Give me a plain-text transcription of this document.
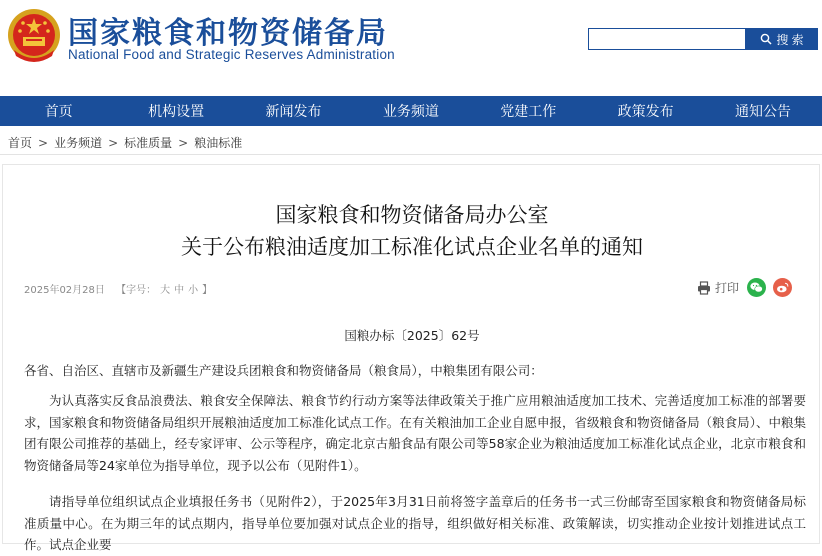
国家粮食和物资储备局
National Food and Strategic Reserves Administration
搜 索
首页	机构设置	新闻发布	业务频道	党建工作	政策发布	通知公告
首页 > 业务频道 > 标准质量 > 粮油标准
国家粮食和物资储备局办公室
关于公布粮油适度加工标准化试点企业名单的通知
2025年02月28日 【字号： 大 中 小 】	打印
国粮办标〔2025〕62号
各省、自治区、直辖市及新疆生产建设兵团粮食和物资储备局（粮食局），中粮集团有限公司：
为认真落实反食品浪费法、粮食安全保障法、粮食节约行动方案等法律政策关于推广应用粮油适度加工技术、完善适度加工标准的部署要求，国家粮食和物资储备局组织开展粮油适度加工标准化试点工作。在有关粮油加工企业自愿申报，省级粮食和物资储备局（粮食局）、中粮集团有限公司推荐的基础上，经专家评审、公示等程序，确定北京古船食品有限公司等58家企业为粮油适度加工标准化试点企业，北京市粮食和物资储备局等24家单位为指导单位，现予以公布（见附件1）。
请指导单位组织试点企业填报任务书（见附件2），于2025年3月31日前将签字盖章后的任务书一式三份邮寄至国家粮食和物资储备局标准质量中心。在为期三年的试点期内，指导单位要加强对试点企业的指导，组织做好相关标准、政策解读，切实推动企业按计划推进试点工作。试点企业要
